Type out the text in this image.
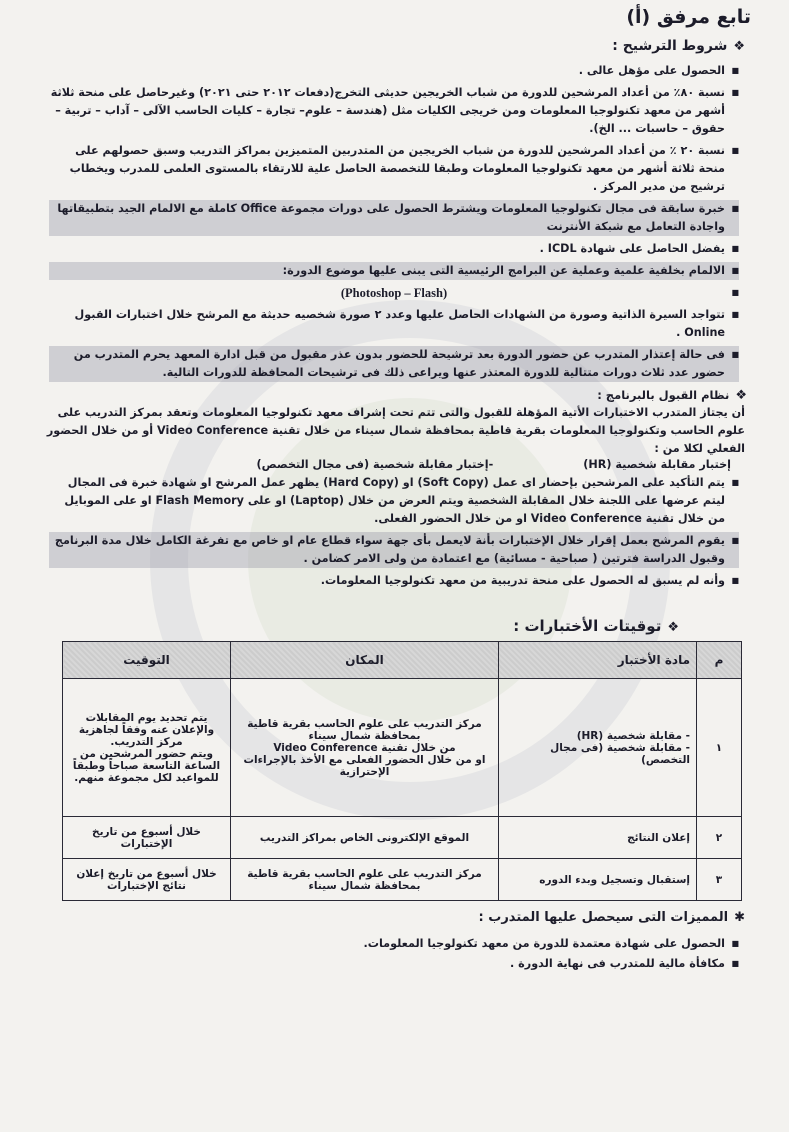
تابع مرفق (أ)
❖شروط الترشيح :
■ الحصول على مؤهل عالى .
■ نسبة ٨٠٪ من أعداد المرشحين للدورة من شباب الخريجين حديثى التخرج(دفعات ٢٠١٢ حتى ٢٠٢١) وغيرحاصل على منحة ثلاثة أشهر من معهد تكنولوجيا المعلومات ومن خريجى الكليات مثل (هندسة – علوم– تجارة – كليات الحاسب الآلى – آداب – تربية – حقوق – حاسبات ... الخ).
■ نسبة ٢٠ ٪ من أعداد المرشحين للدورة من شباب الخريجين من المتدربين المتميزين بمراكز التدريب وسبق حصولهم على منحة ثلاثة أشهر من معهد تكنولوجيا المعلومات وطبقا للتخصصة الحاصل علية للارتقاء بالمستوى العلمى للمدرب ويخطاب ترشيح من مدير المركز .
■ خبرة سابقة فى مجال تكنولوجيا المعلومات ويشترط الحصول على دورات مجموعة Office كاملة مع الالمام الجيد بتطبيقاتها واجادة التعامل مع شبكة الأنترنت
■ يفضل الحاصل على شهادة ICDL .
■ الالمام بخلفية علمية وعملية عن البرامج الرئيسية التى يبنى عليها موضوع الدورة:
■ (Photoshop – Flash)
■ تتواجد السيرة الذاتية وصورة من الشهادات الحاصل عليها وعدد ٢ صورة شخصيه حديثة مع المرشح خلال اختبارات القبول Online .
■ فى حالة إعتذار المتدرب عن حضور الدورة بعد ترشيحة للحضور بدون عذر مقبول من قبل ادارة المعهد يحرم المتدرب من حضور عدد ثلاث دورات متتالية للدورة المعتذر عنها ويراعى ذلك فى ترشيحات المحافظة للدورات التالية.
❖نظام القبول بالبرنامج :
أن يجتاز المتدرب الاختبارات الأتية المؤهلة للقبول والتى تتم تحت إشراف معهد تكنولوجيا المعلومات وتعقد بمركز التدريب على علوم الحاسب وتكنولوجيا المعلومات بقرية قاطية بمحافظة شمال سيناء من خلال تقنية Video Conference أو من خلال الحضور الفعلي لكلا من :
إختبار مقابلة شخصية (HR)
-إختبار مقابلة شخصية (فى مجال التخصص)
■ يتم التأكيد على المرشحين بإحضار اى عمل (Soft Copy) او (Hard Copy) يظهر عمل المرشح او شهادة خبرة فى المجال ليتم عرضها على اللجنة خلال المقابلة الشخصية ويتم العرض من خلال (Laptop) او على Flash Memory او على الموبايل من خلال تقنية Video Conference او من خلال الحضور الفعلى.
■ يقوم المرشح بعمل إقرار خلال الإختبارات بأنة لايعمل بأى جهة سواء قطاع عام او خاص مع تفرغة الكامل خلال مدة البرنامج وقبول الدراسة فترتين ( صباحية - مسائية) مع اعتمادة من ولى الامر كضامن .
■ وأنه لم يسبق له الحصول على منحة تدريبية من معهد تكنولوجيا المعلومات.
❖توقيتات الأختبارات :
م	مادة الأختبار	المكان	التوقيت
١	- مقابلة شخصية (HR)
- مقابلة شخصية (فى مجال التخصص)	مركز التدريب على علوم الحاسب بقرية قاطية بمحافظة شمال سيناء
من خلال تقنية Video Conference
او من خلال الحضور الفعلى مع الأخذ بالإجراءات الإحترازية	يتم تحديد يوم المقابلات والإعلان عنه وفقاً لجاهزية مركز التدريب.
ويتم حضور المرشحين من الساعة التاسعة صباحاً وطبقاً للمواعيد لكل مجموعة منهم.
٢	إعلان النتائج	الموقع الإلكترونى الخاص بمراكز التدريب	خلال أسبوع من تاريخ الإختبارات
٣	إستقبال وتسجيل وبدء الدوره	مركز التدريب على علوم الحاسب بقرية قاطية بمحافظة شمال سيناء	خلال أسبوع من تاريخ إعلان نتائج الإختبارات
✱المميزات التى سيحصل عليها المتدرب :
■ الحصول على شهادة معتمدة للدورة من معهد تكنولوجيا المعلومات.
■ مكافأة مالية للمتدرب فى نهاية الدورة .
